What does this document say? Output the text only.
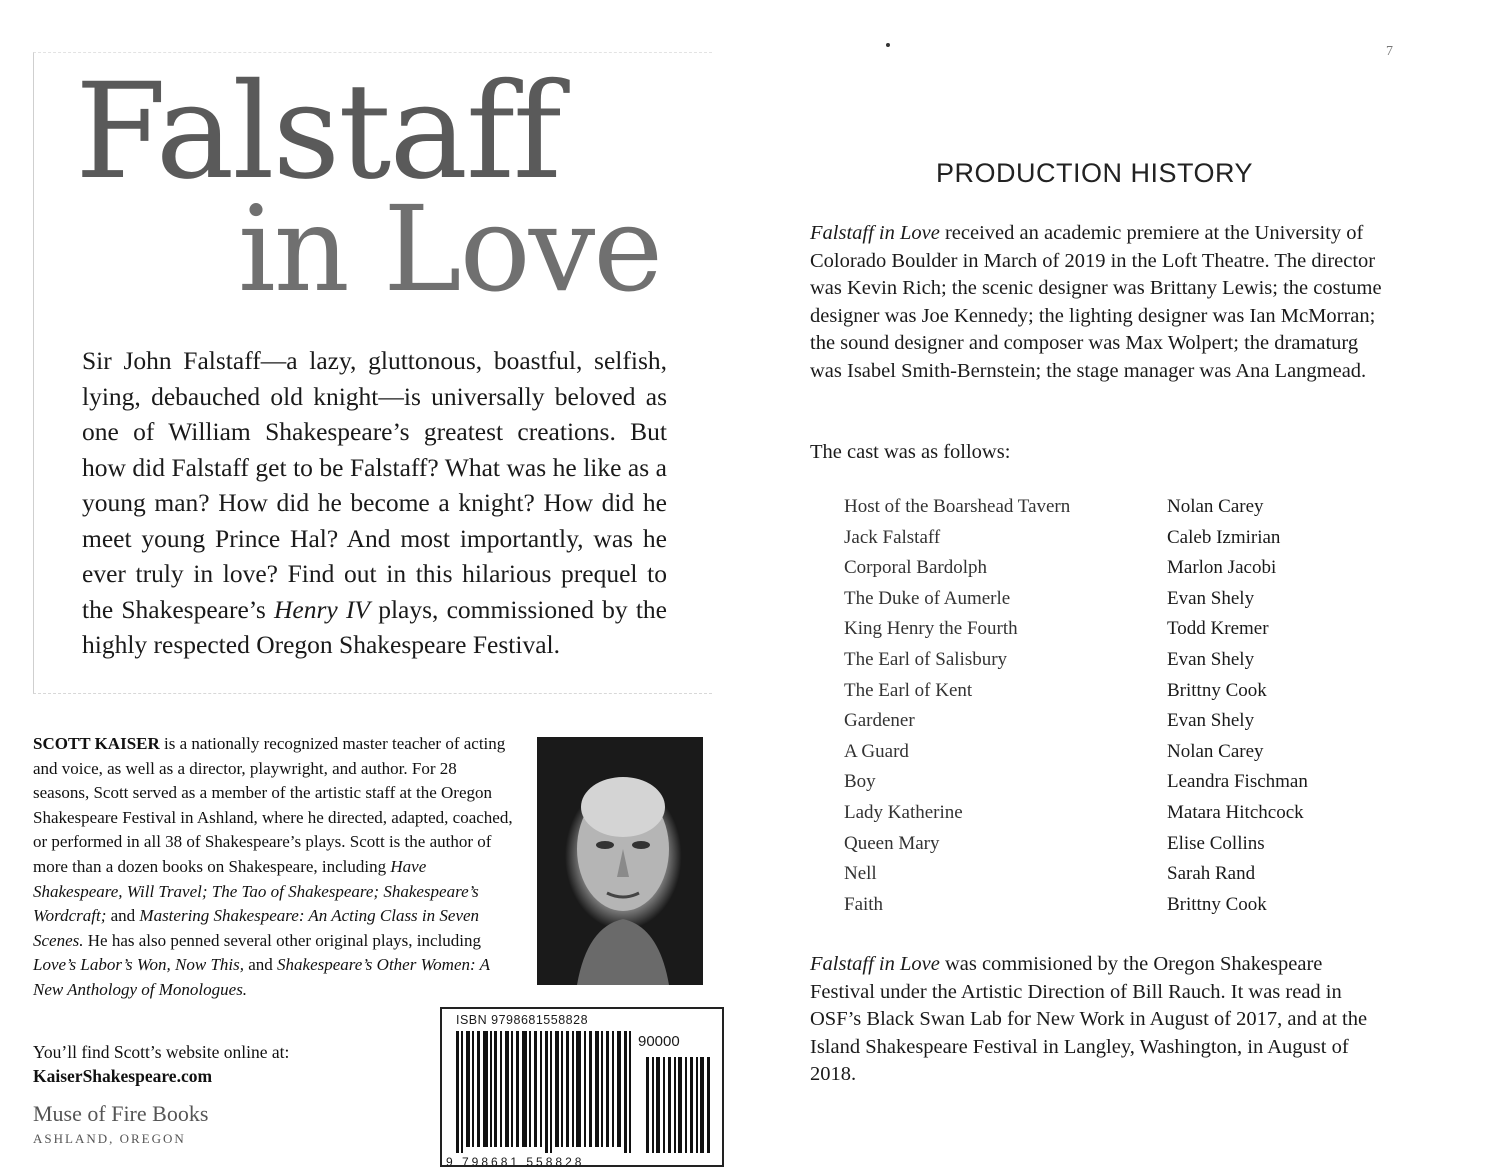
Falstaff
in Love
Sir John Falstaff—a lazy, gluttonous, boastful, selfish, lying, debauched old knight—is universally beloved as one of William Shakespeare’s greatest creations. But how did Falstaff get to be Falstaff? What was he like as a young man? How did he become a knight? How did he meet young Prince Hal? And most importantly, was he ever truly in love? Find out in this hilarious prequel to the Shakespeare’s Henry IV plays, commissioned by the highly respected Oregon Shakespeare Festival.
SCOTT KAISER is a nationally recognized master teacher of acting and voice, as well as a director, playwright, and author. For 28 seasons, Scott served as a member of the artistic staff at the Oregon Shakespeare Festival in Ashland, where he directed, adapted, coached, or performed in all 38 of Shakespeare’s plays. Scott is the author of more than a dozen books on Shakespeare, including Have Shakespeare, Will Travel; The Tao of Shakespeare; Shakespeare’s Wordcraft; and Mastering Shakespeare: An Acting Class in Seven Scenes. He has also penned several other original plays, including Love’s Labor’s Won, Now This, and Shakespeare’s Other Women: A New Anthology of Monologues.
You’ll find Scott’s website online at:
KaiserShakespeare.com
Muse of Fire Books
ASHLAND, OREGON
ISBN 9798681558828
90000
9 798681 558828
7
PRODUCTION HISTORY
Falstaff in Love received an academic premiere at the University of Colorado Boulder in March of 2019 in the Loft Theatre. The director was Kevin Rich; the scenic designer was Brittany Lewis; the costume designer was Joe Kennedy; the lighting designer was Ian McMorran; the sound designer and composer was Max Wolpert; the dramaturg was Isabel Smith-Bernstein; the stage manager was Ana Langmead.
The cast was as follows:
Host of the Boarshead Tavern	Nolan Carey
Jack Falstaff	Caleb Izmirian
Corporal Bardolph	Marlon Jacobi
The Duke of Aumerle	Evan Shely
King Henry the Fourth	Todd Kremer
The Earl of Salisbury	Evan Shely
The Earl of Kent	Brittny Cook
Gardener	Evan Shely
A Guard	Nolan Carey
Boy	Leandra Fischman
Lady Katherine	Matara Hitchcock
Queen Mary	Elise Collins
Nell	Sarah Rand
Faith	Brittny Cook
Falstaff in Love was commisioned by the Oregon Shakespeare Festival under the Artistic Direction of Bill Rauch. It was read in OSF’s Black Swan Lab for New Work in August of 2017, and at the Island Shakespeare Festival in Langley, Washington, in August of 2018.
